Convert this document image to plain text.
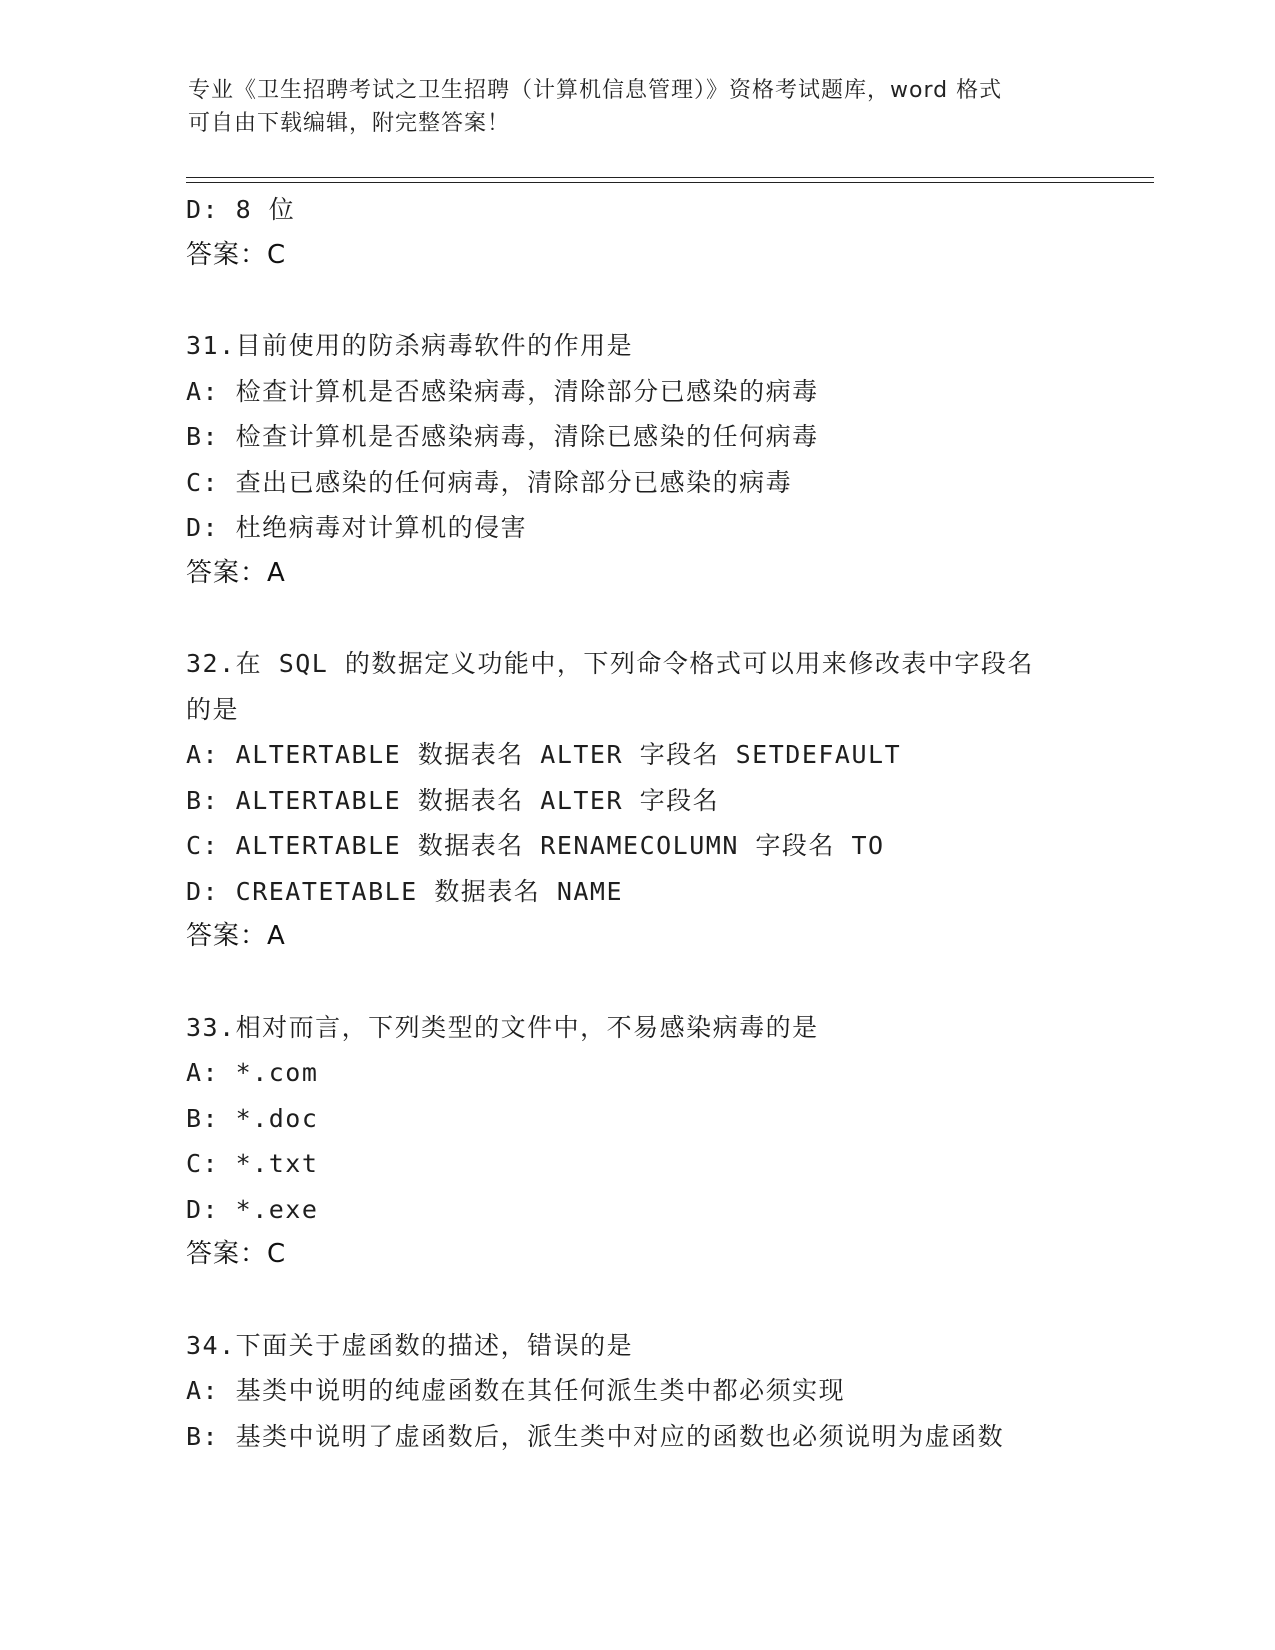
专业《卫生招聘考试之卫生招聘（计算机信息管理）》资格考试题库，word 格式
可自由下载编辑，附完整答案！
D: 8 位
答案：C
31.目前使用的防杀病毒软件的作用是
A: 检查计算机是否感染病毒，清除部分已感染的病毒
B: 检查计算机是否感染病毒，清除已感染的任何病毒
C: 查出已感染的任何病毒，清除部分已感染的病毒
D: 杜绝病毒对计算机的侵害
答案：A
32.在 SQL 的数据定义功能中，下列命令格式可以用来修改表中字段名
的是
A: ALTERTABLE 数据表名 ALTER 字段名 SETDEFAULT
B: ALTERTABLE 数据表名 ALTER 字段名
C: ALTERTABLE 数据表名 RENAMECOLUMN 字段名 TO
D: CREATETABLE 数据表名 NAME
答案：A
33.相对而言，下列类型的文件中，不易感染病毒的是
A: *.com
B: *.doc
C: *.txt
D: *.exe
答案：C
34.下面关于虚函数的描述，错误的是
A: 基类中说明的纯虚函数在其任何派生类中都必须实现
B: 基类中说明了虚函数后，派生类中对应的函数也必须说明为虚函数
